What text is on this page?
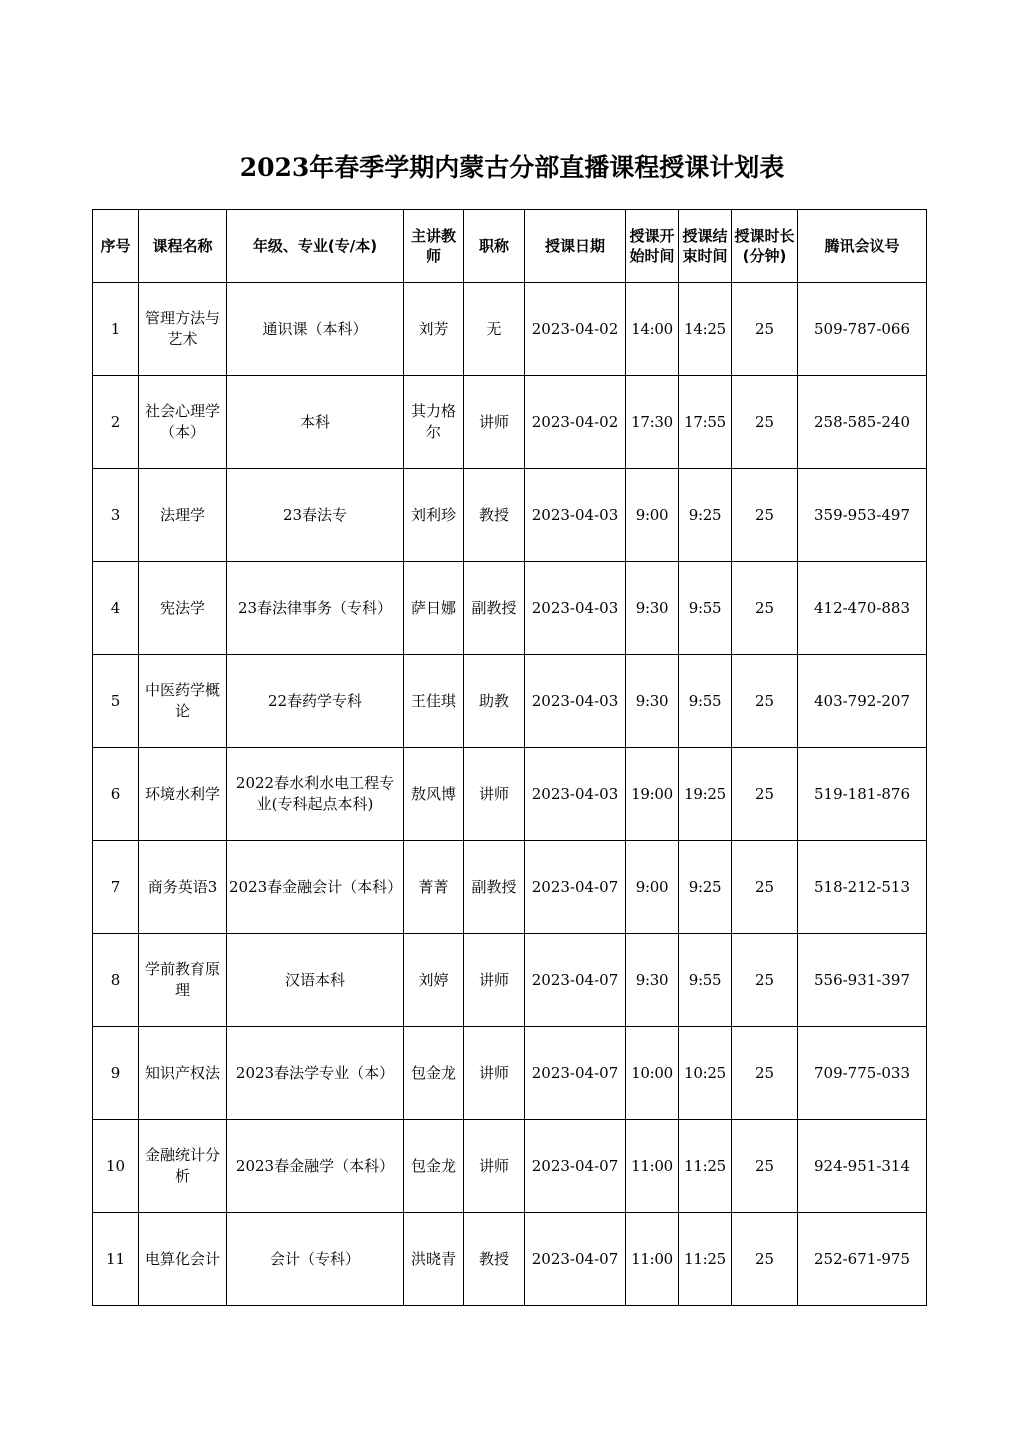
2023年春季学期内蒙古分部直播课程授课计划表
序号	课程名称	年级、专业(专/本)	主讲教师	职称	授课日期	授课开始时间	授课结束时间	授课时长(分钟)	腾讯会议号
1	管理方法与艺术	通识课（本科）	刘芳	无	2023-04-02	14:00	14:25	25	509-787-066
2	社会心理学（本）	本科	其力格尔	讲师	2023-04-02	17:30	17:55	25	258-585-240
3	法理学	23春法专	刘利珍	教授	2023-04-03	9:00	9:25	25	359-953-497
4	宪法学	23春法律事务（专科）	萨日娜	副教授	2023-04-03	9:30	9:55	25	412-470-883
5	中医药学概论	22春药学专科	王佳琪	助教	2023-04-03	9:30	9:55	25	403-792-207
6	环境水利学	2022春水利水电工程专业(专科起点本科)	敖风博	讲师	2023-04-03	19:00	19:25	25	519-181-876
7	商务英语3	2023春金融会计（本科）	菁菁	副教授	2023-04-07	9:00	9:25	25	518-212-513
8	学前教育原理	汉语本科	刘婷	讲师	2023-04-07	9:30	9:55	25	556-931-397
9	知识产权法	2023春法学专业（本）	包金龙	讲师	2023-04-07	10:00	10:25	25	709-775-033
10	金融统计分析	2023春金融学（本科）	包金龙	讲师	2023-04-07	11:00	11:25	25	924-951-314
11	电算化会计	会计（专科）	洪晓青	教授	2023-04-07	11:00	11:25	25	252-671-975
